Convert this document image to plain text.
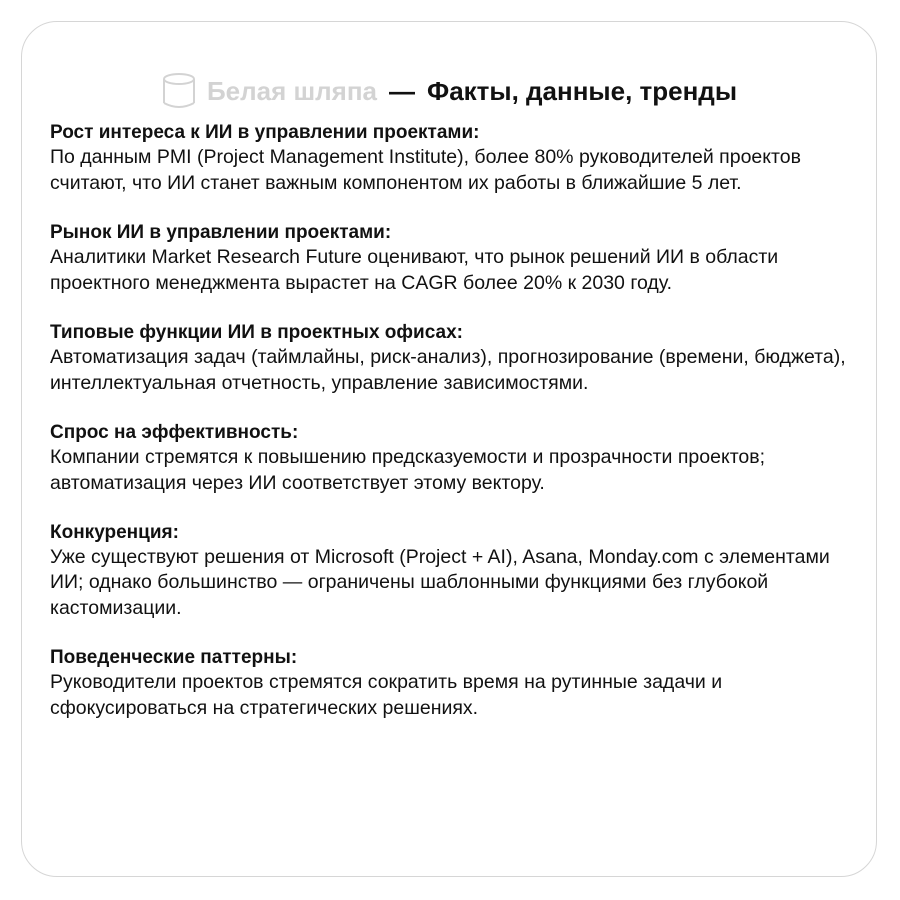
Белая шляпа — Факты, данные, тренды

Рост интереса к ИИ в управлении проектами:

По данным PMI (Project Management Institute), более 80% руководителей проектов считают, что ИИ станет важным компонентом их работы в ближайшие 5 лет.

Рынок ИИ в управлении проектами:

Аналитики Market Research Future оценивают, что рынок решений ИИ в области проектного менеджмента вырастет на CAGR более 20% к 2030 году.

Типовые функции ИИ в проектных офисах:

Автоматизация задач (таймлайны, риск-анализ), прогнозирование (времени, бюджета), интеллектуальная отчетность, управление зависимостями.

Спрос на эффективность:

Компании стремятся к повышению предсказуемости и прозрачности проектов; автоматизация через ИИ соответствует этому вектору.

Конкуренция:

Уже существуют решения от Microsoft (Project + AI), Asana, Monday.com с элементами ИИ; однако большинство — ограничены шаблонными функциями без глубокой кастомизации.

Поведенческие паттерны:

Руководители проектов стремятся сократить время на рутинные задачи и сфокусироваться на стратегических решениях.
